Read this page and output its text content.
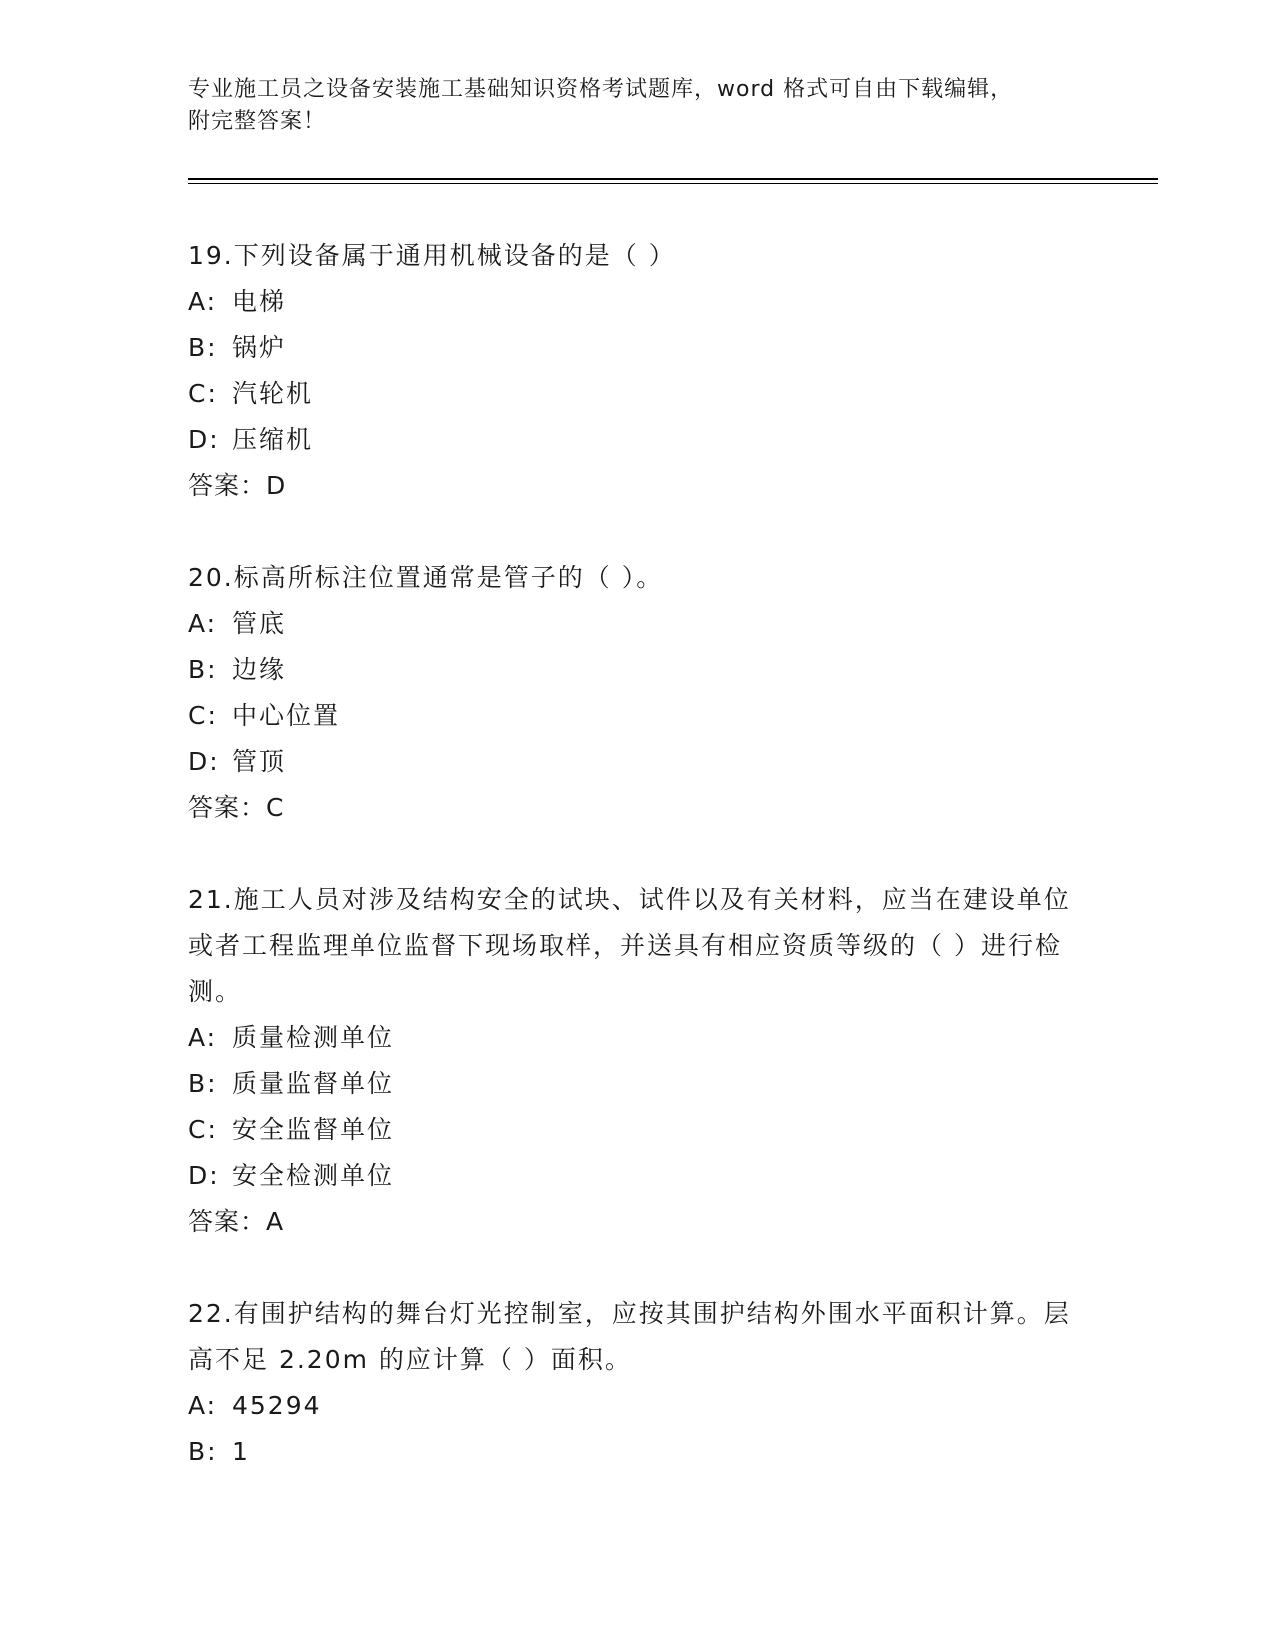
专业施工员之设备安装施工基础知识资格考试题库，word 格式可自由下载编辑，
附完整答案！
19.下列设备属于通用机械设备的是（ ）
A: 电梯
B: 锅炉
C: 汽轮机
D: 压缩机
答案：D
20.标高所标注位置通常是管子的（ ）。
A: 管底
B: 边缘
C: 中心位置
D: 管顶
答案：C
21.施工人员对涉及结构安全的试块、试件以及有关材料，应当在建设单位或者工程监理单位监督下现场取样，并送具有相应资质等级的（ ）进行检测。
A: 质量检测单位
B: 质量监督单位
C: 安全监督单位
D: 安全检测单位
答案：A
22.有围护结构的舞台灯光控制室，应按其围护结构外围水平面积计算。层高不足 2.20m 的应计算（ ）面积。
A: 45294
B: 1
